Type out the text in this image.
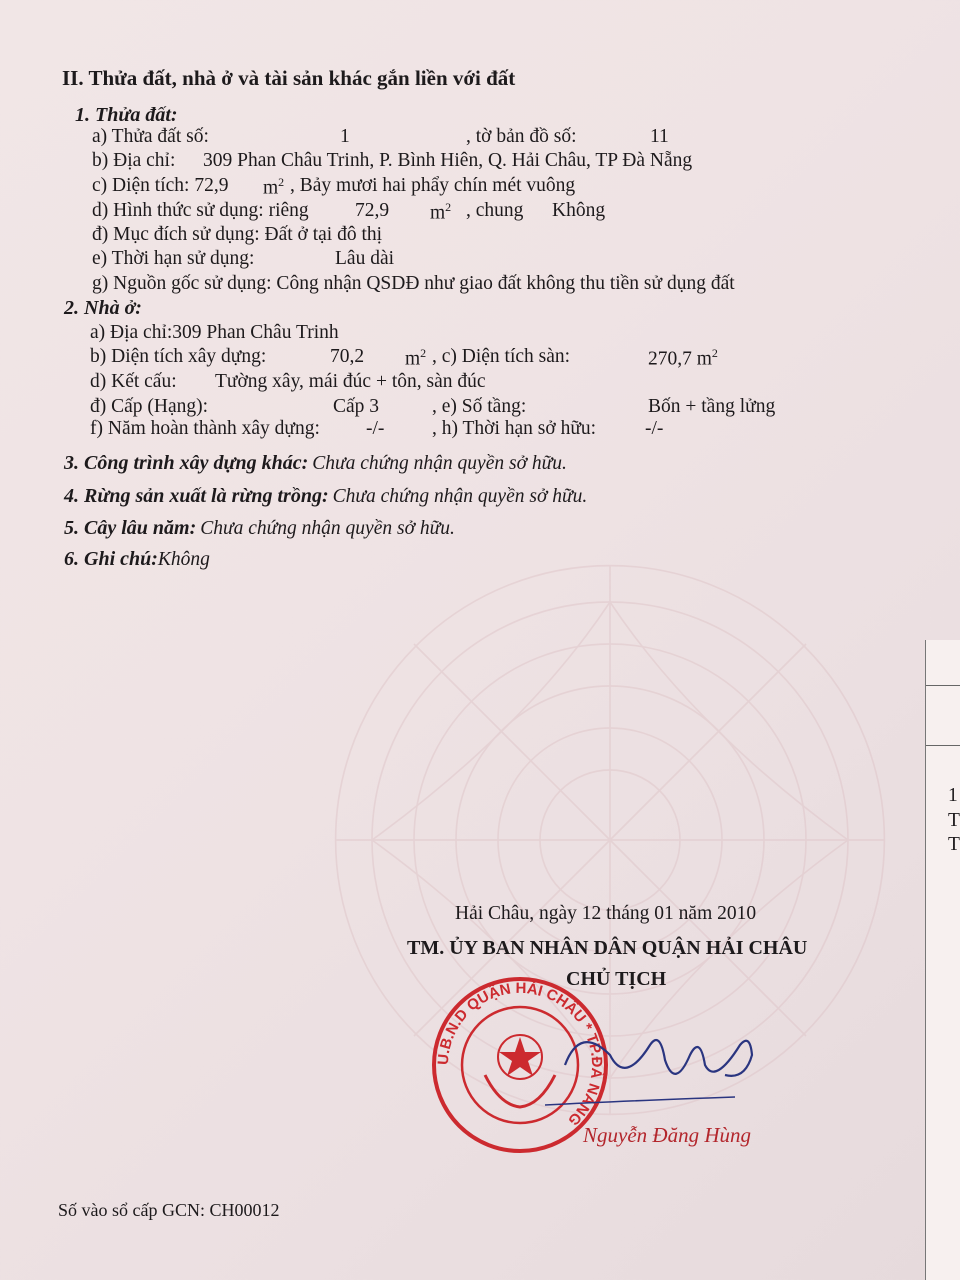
II. Thửa đất, nhà ở và tài sản khác gắn liền với đất
1. Thửa đất:
a) Thửa đất số:	1	, tờ bản đồ số:	11
b) Địa chỉ: 309 Phan Châu Trinh, P. Bình Hiên, Q. Hải Châu, TP Đà Nẵng
c) Diện tích: 72,9 $m^2$ , Bảy mươi hai phẩy chín mét vuông
d) Hình thức sử dụng: riêng 72,9 $m^2$ , chung Không
đ) Mục đích sử dụng: Đất ở tại đô thị
e) Thời hạn sử dụng:	Lâu dài
g) Nguồn gốc sử dụng: Công nhận QSDĐ như giao đất không thu tiền sử dụng đất
2. Nhà ở:
a) Địa chỉ:309 Phan Châu Trinh
b) Diện tích xây dựng:	70,2 $m^2$ , c) Diện tích sàn:	270,7 $m^2$
d) Kết cấu: Tường xây, mái đúc + tôn, sàn đúc
đ) Cấp (Hạng):	Cấp 3	, e) Số tầng:	Bốn + tầng lửng
f) Năm hoàn thành xây dựng: -/- , h) Thời hạn sở hữu:	-/-
3. Công trình xây dựng khác: Chưa chứng nhận quyền sở hữu.
4. Rừng sản xuất là rừng trồng: Chưa chứng nhận quyền sở hữu.
5. Cây lâu năm: Chưa chứng nhận quyền sở hữu.
6. Ghi chú:Không
Hải Châu, ngày 12 tháng 01 năm 2010
TM. ỦY BAN NHÂN DÂN QUẬN HẢI CHÂU
CHỦ TỊCH
U.B.N.D QUẬN HẢI CHÂU * TP.ĐÀ NẴNG
Nguyễn Đăng Hùng
Số vào sổ cấp GCN: CH00012
1
T
T
